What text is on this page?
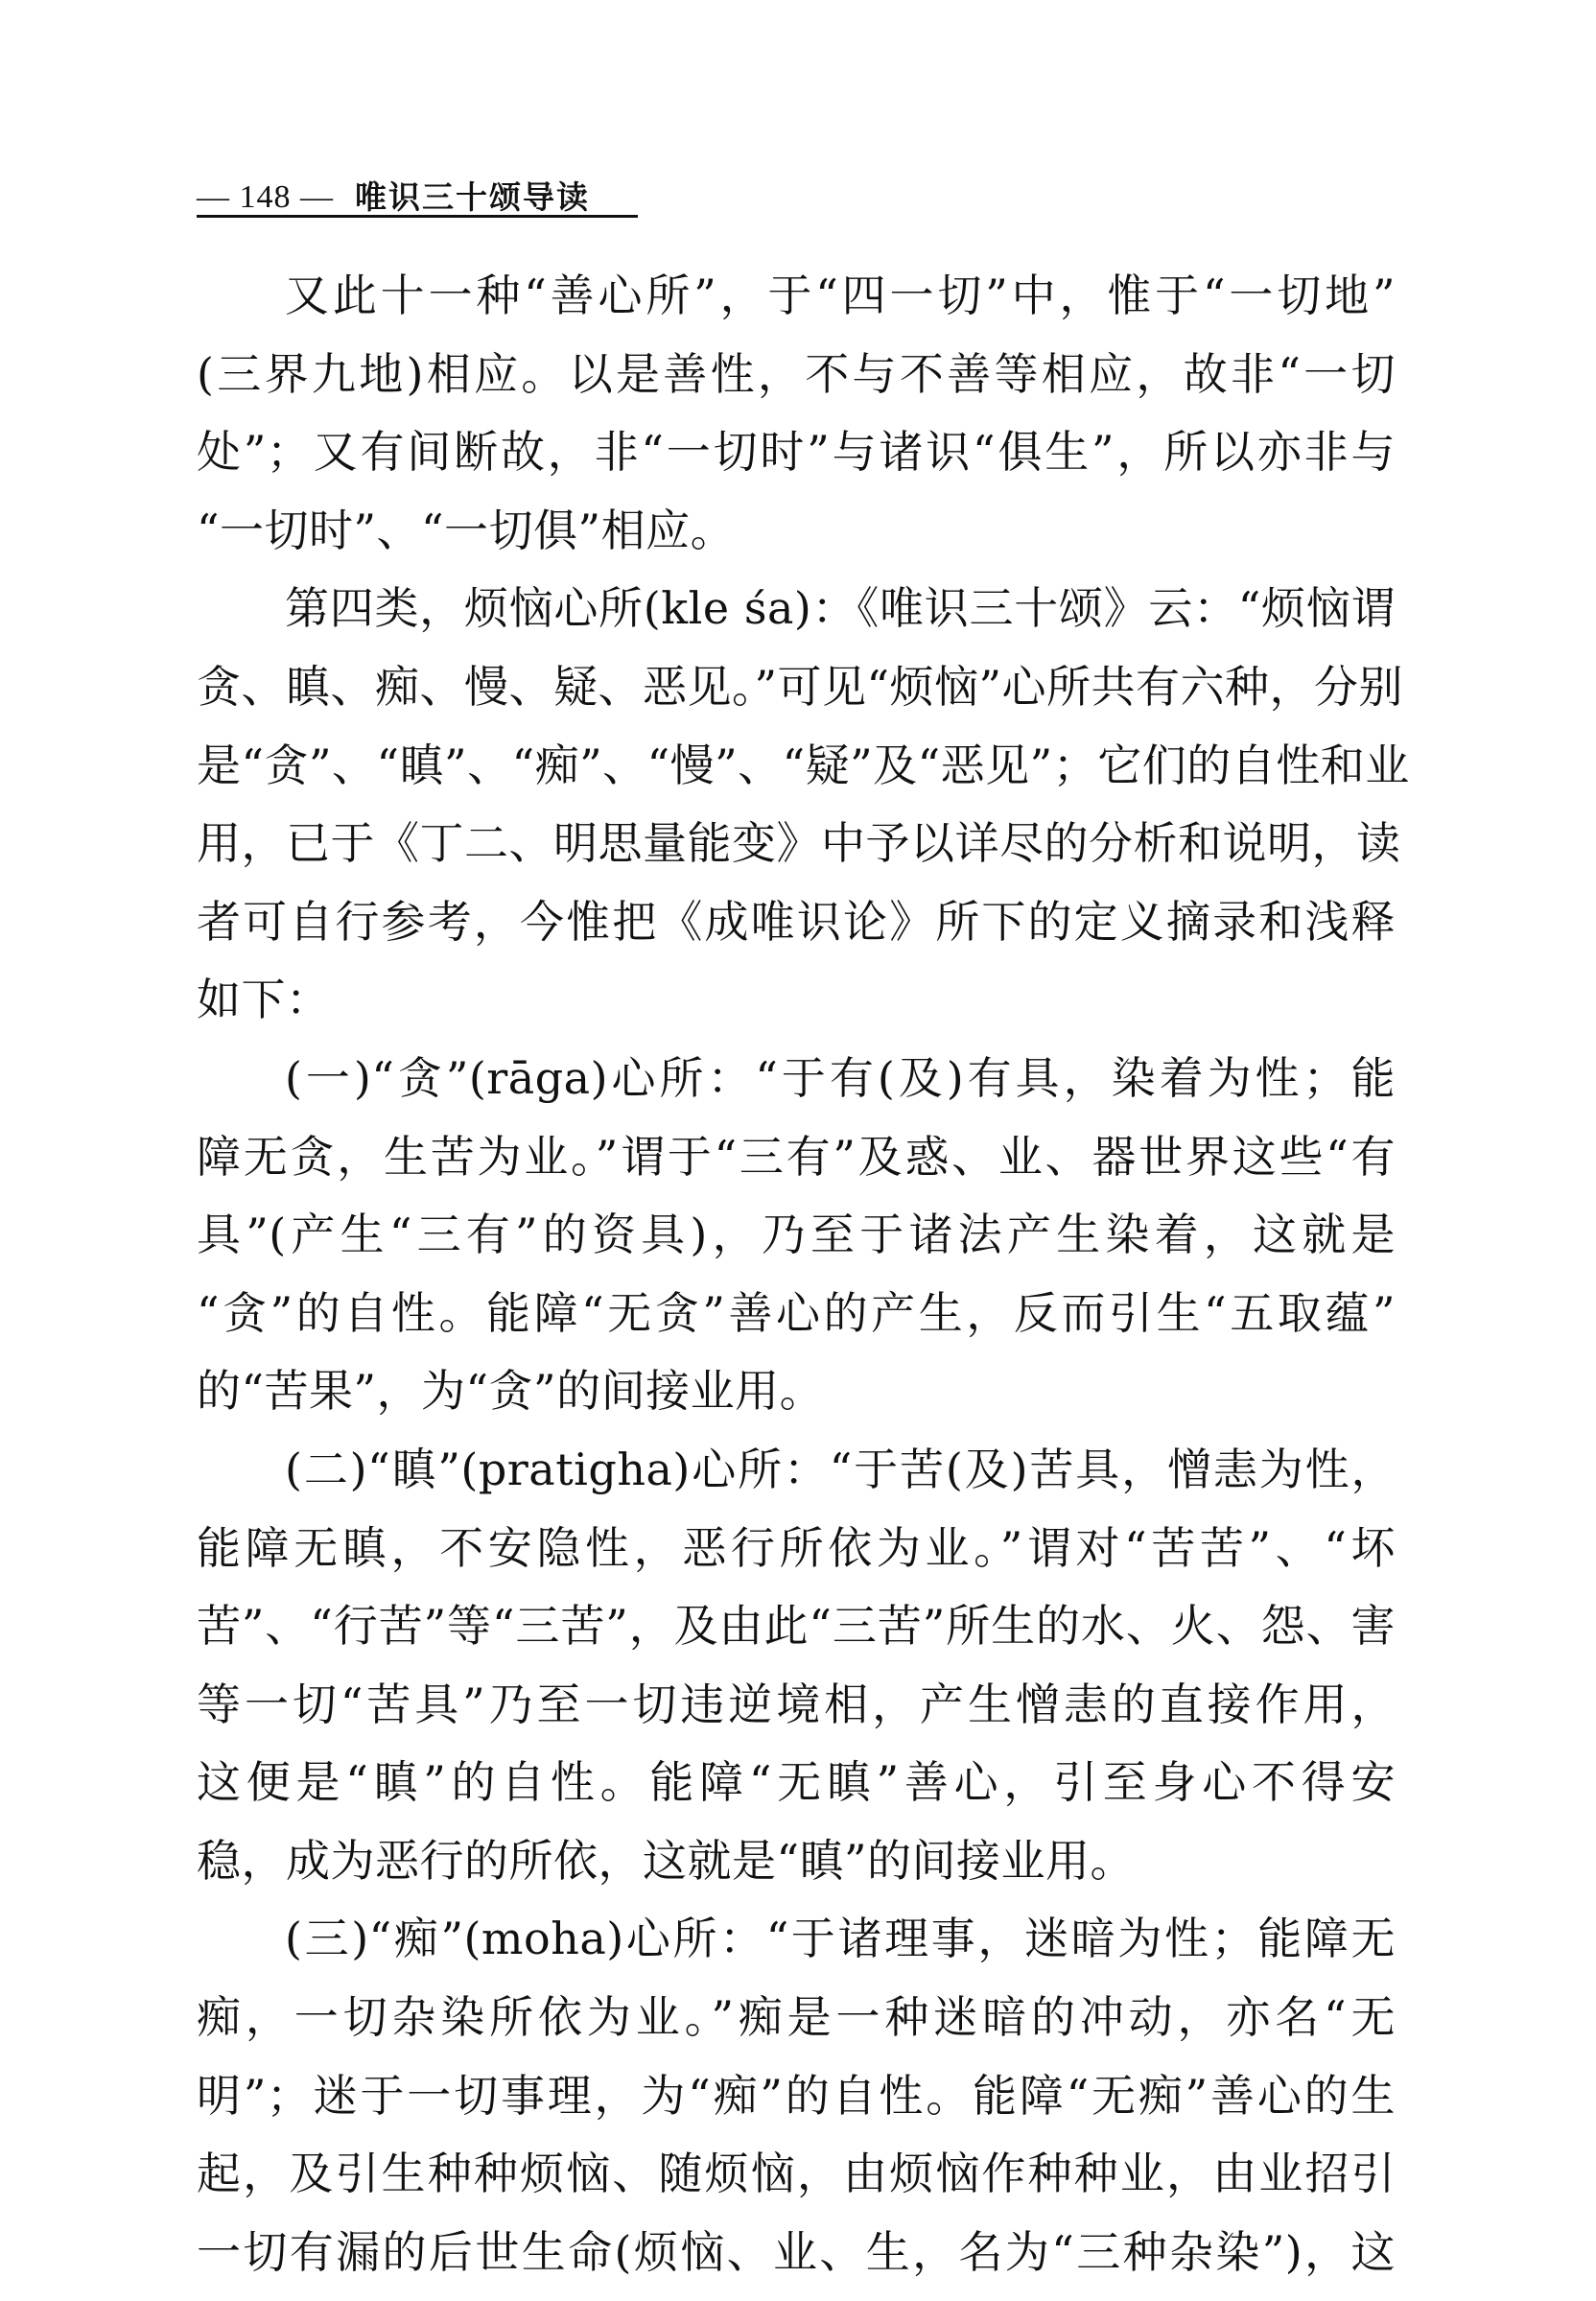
— 148 — 唯识三十颂导读
又此十一种“善心所”，于“四一切”中，惟于“一切地”
(三界九地)相应。以是善性，不与不善等相应，故非“一切
处”；又有间断故，非“一切时”与诸识“俱生”，所以亦非与
“一切时”、“一切俱”相应。
第四类，烦恼心所(kle śa)：《唯识三十颂》云：“烦恼谓
贪、瞋、痴、慢、疑、恶见。”可见“烦恼”心所共有六种，分别
是“贪”、“瞋”、“痴”、“慢”、“疑”及“恶见”；它们的自性和业
用，已于《丁二、明思量能变》中予以详尽的分析和说明，读
者可自行参考，今惟把《成唯识论》所下的定义摘录和浅释
如下：
(一)“贪”(rāga)心所：“于有(及)有具，染着为性；能
障无贪，生苦为业。”谓于“三有”及惑、业、器世界这些“有
具”(产生“三有”的资具)，乃至于诸法产生染着，这就是
“贪”的自性。能障“无贪”善心的产生，反而引生“五取蕴”
的“苦果”，为“贪”的间接业用。
(二)“瞋”(pratigha)心所：“于苦(及)苦具，憎恚为性，
能障无瞋，不安隐性，恶行所依为业。”谓对“苦苦”、“坏
苦”、“行苦”等“三苦”，及由此“三苦”所生的水、火、怨、害
等一切“苦具”乃至一切违逆境相，产生憎恚的直接作用，
这便是“瞋”的自性。能障“无瞋”善心，引至身心不得安
稳，成为恶行的所依，这就是“瞋”的间接业用。
(三)“痴”(moha)心所：“于诸理事，迷暗为性；能障无
痴，一切杂染所依为业。”痴是一种迷暗的冲动，亦名“无
明”；迷于一切事理，为“痴”的自性。能障“无痴”善心的生
起，及引生种种烦恼、随烦恼，由烦恼作种种业，由业招引
一切有漏的后世生命(烦恼、业、生，名为“三种杂染”)，这
